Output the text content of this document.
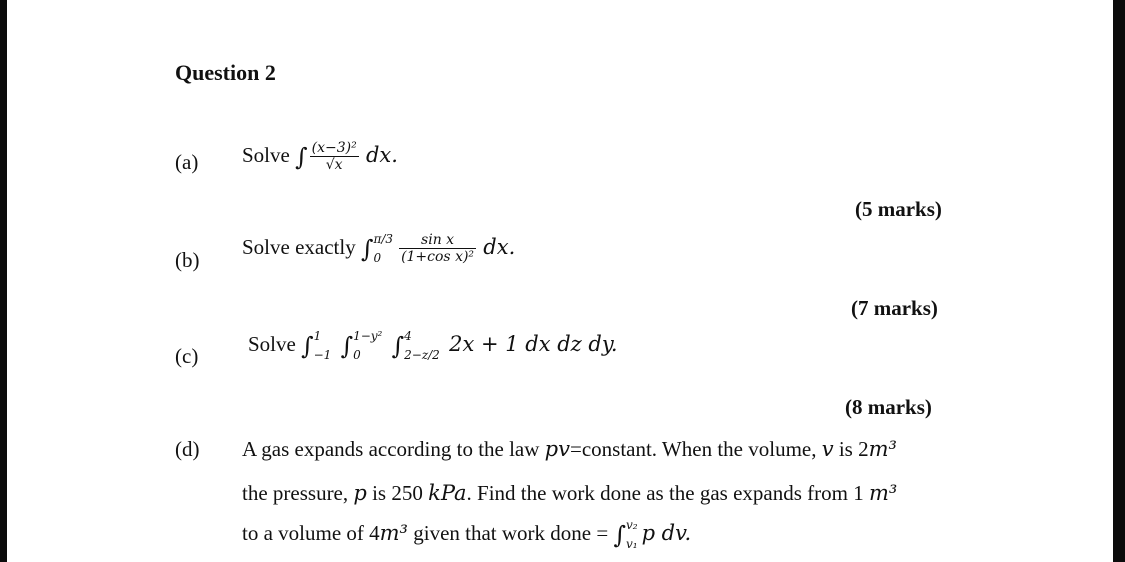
Question 2
(a) Solve ∫ $\frac{\text{(x−3)²}}{√x}$ dx.
(5 marks)
(b)
Solve exactly ∫ π/3
0	$\frac{\text{sin x}}{\text{(1+cos x)²}}$ dx.
(7 marks)
(c)
Solve ∫ 1
−1 ∫ 1−y²
0	∫ 4
2−z/2 2x + 1 dx dz dy.
(8 marks)
(d) A gas expands according to the law pv=constant. When the volume, v is 2m³
the pressure, p is 250 kPa. Find the work done as the gas expands from 1 m³
to a volume of 4m³ given that work done = ∫ v₂
v₁ p dv.
